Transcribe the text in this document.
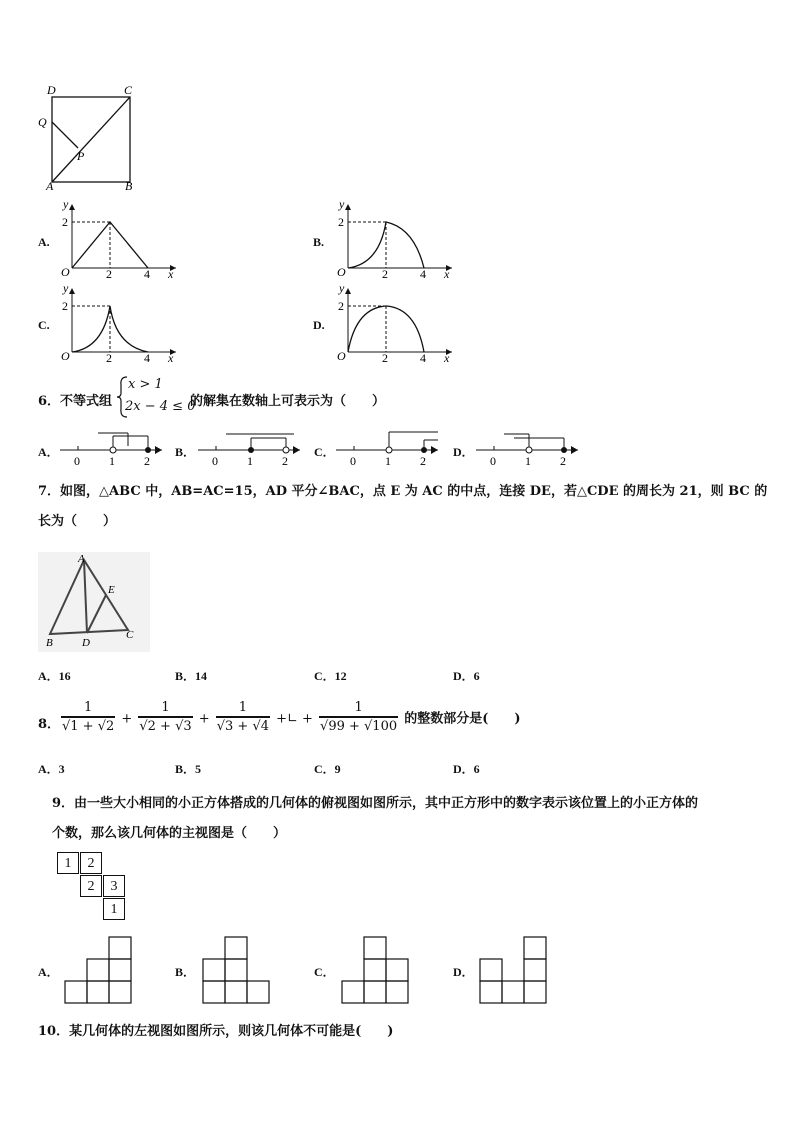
D	C
Q
P
A	B
A.
2
O	2	4 x
y
B.
2
O	2	4 x
y
C.
2
O	2	4 x
y
D.
2
O	2	4 x
y
6．不等式组
x > 1
2x − 4 ≤ 0
的解集在数轴上可表示为（　　）
A．
0 1 2
B．
0 1 2
C．
0 1 2
D．
0 1 2
7．如图，△ABC 中，AB=AC=15，AD 平分∠BAC，点 E 为 AC 的中点，连接 DE，若△CDE 的周长为 21，则 BC 的
长为（　　）
A
E
B	D
C
A．16	B．14	C．12	D．6
8． $\frac{1}{√1 + √2} + \frac{1}{√2 + √3} + \frac{1}{√3 + √4}$ +∟ + $\frac{1}{√99 + √100}$ 的整数部分是(　　)
A．3	B．5	C．9	D．6
9．由一些大小相同的小正方体搭成的几何体的俯视图如图所示，其中正方形中的数字表示该位置上的小正方体的
个数，那么该几何体的主视图是（　　）
1	2
2	3
1
A．	B．	C．	D．
10．某几何体的左视图如图所示，则该几何体不可能是(　　)
